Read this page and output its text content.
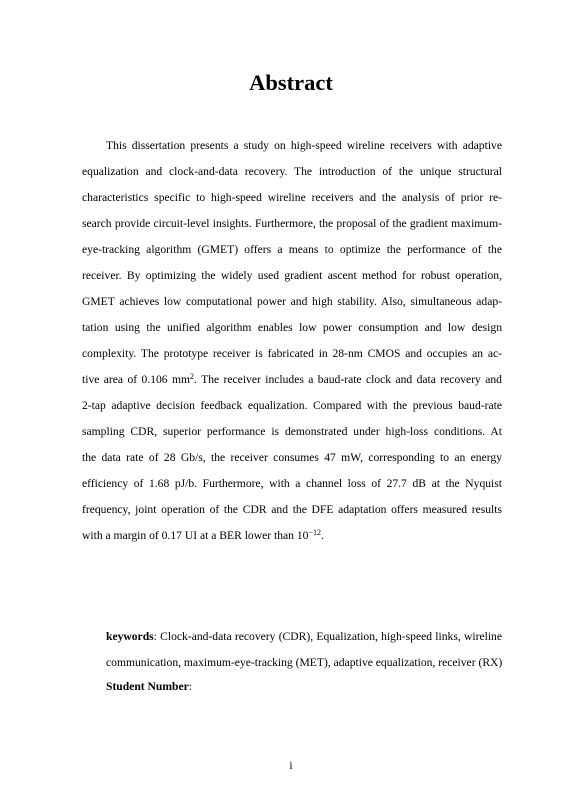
Abstract
This dissertation presents a study on high-speed wireline receivers with adaptive
equalization and clock-and-data recovery. The introduction of the unique structural
characteristics specific to high-speed wireline receivers and the analysis of prior re-
search provide circuit-level insights. Furthermore, the proposal of the gradient maximum-
eye-tracking algorithm (GMET) offers a means to optimize the performance of the
receiver. By optimizing the widely used gradient ascent method for robust operation,
GMET achieves low computational power and high stability. Also, simultaneous adap-
tation using the unified algorithm enables low power consumption and low design
complexity. The prototype receiver is fabricated in 28-nm CMOS and occupies an ac-
tive area of 0.106 $mm^2$. The receiver includes a baud-rate clock and data recovery and
2-tap adaptive decision feedback equalization. Compared with the previous baud-rate
sampling CDR, superior performance is demonstrated under high-loss conditions. At
the data rate of 28 Gb/s, the receiver consumes 47 mW, corresponding to an energy
efficiency of 1.68 pJ/b. Furthermore, with a channel loss of 27.7 dB at the Nyquist
frequency, joint operation of the CDR and the DFE adaptation offers measured results
with a margin of 0.17 UI at a BER lower than $10^{-12}$.
keywords: Clock-and-data recovery (CDR), Equalization, high-speed links, wireline
communication, maximum-eye-tracking (MET), adaptive equalization, receiver (RX)
Student Number:
i
